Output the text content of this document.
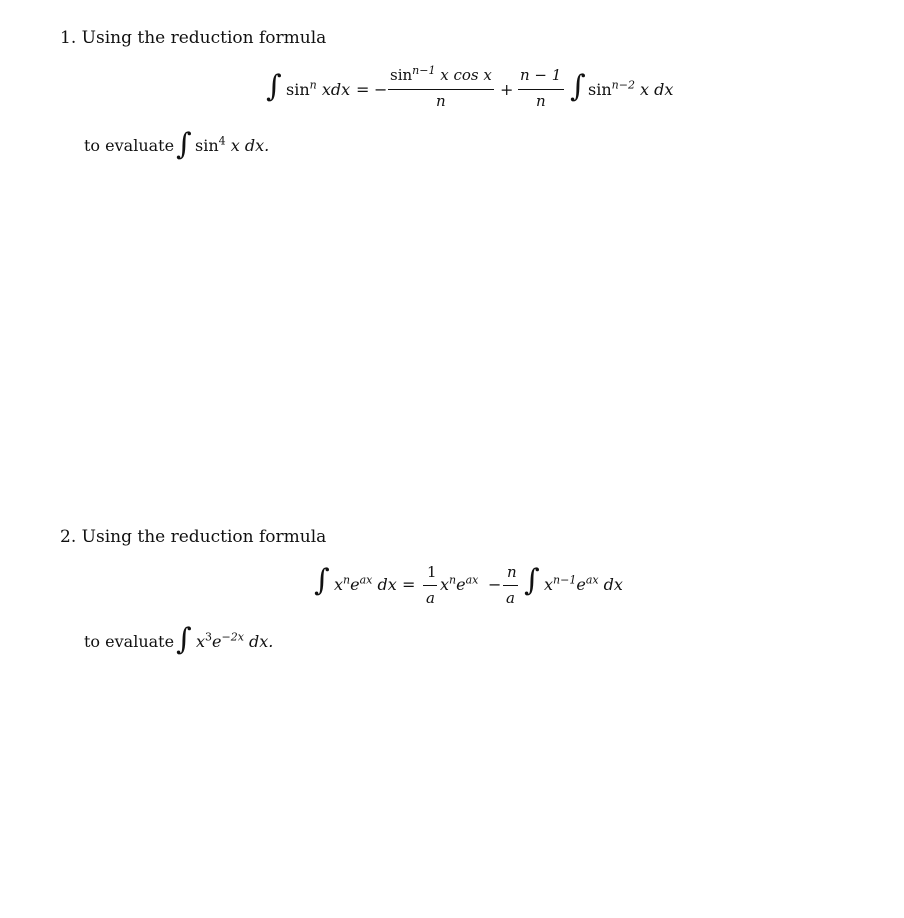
1. Using the reduction formula
∫ $\sin^n$ xdx = −
$\sin^{n-1} x$ cos x
n
+
n − 1
n ∫ $\sin^{n-2} x$ dx
to evaluate ∫ $\sin^4 x$ dx.
2. Using the reduction formula
∫ $x^ne^{ax}$ dx =
1
a
$x^ne^{ax}$ −
n
a ∫ $x^{n-1}e^{ax}$ dx
to evaluate ∫ $x^3e^{-2x}$ dx.
